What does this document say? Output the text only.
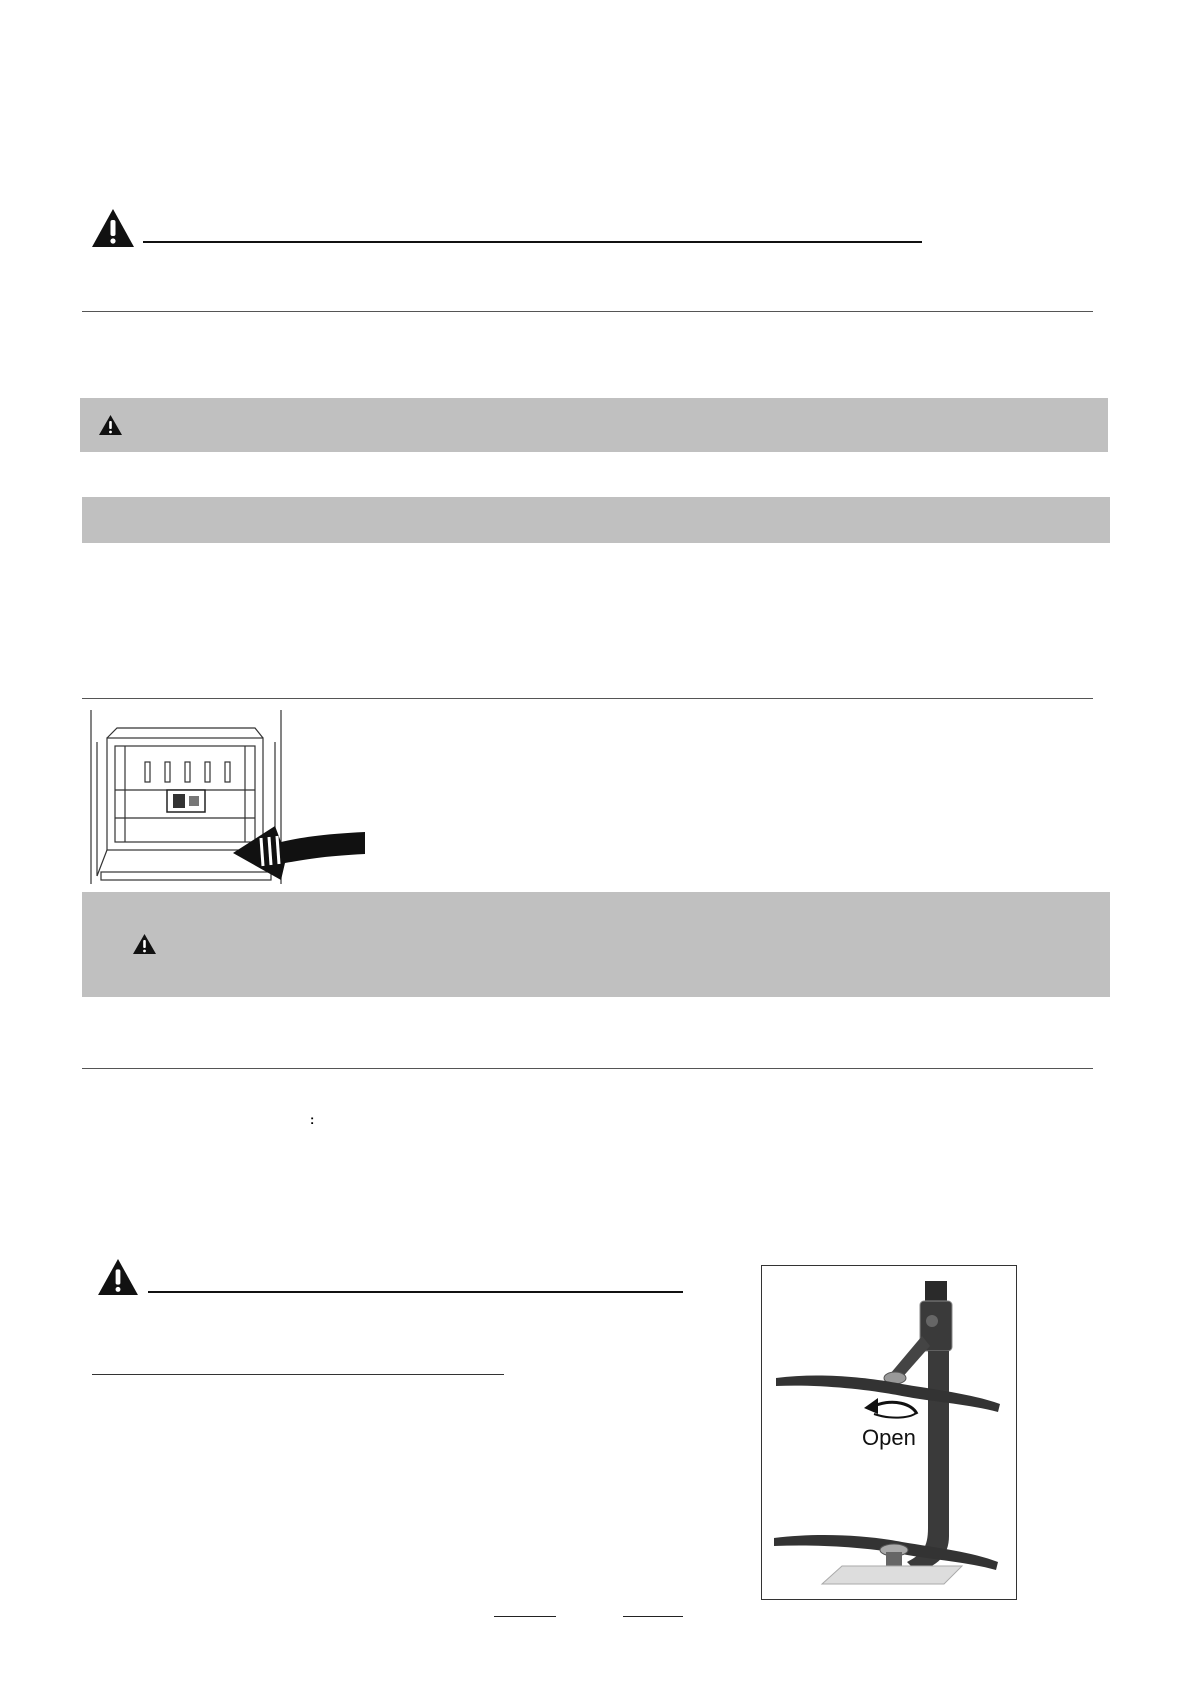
:
Open
